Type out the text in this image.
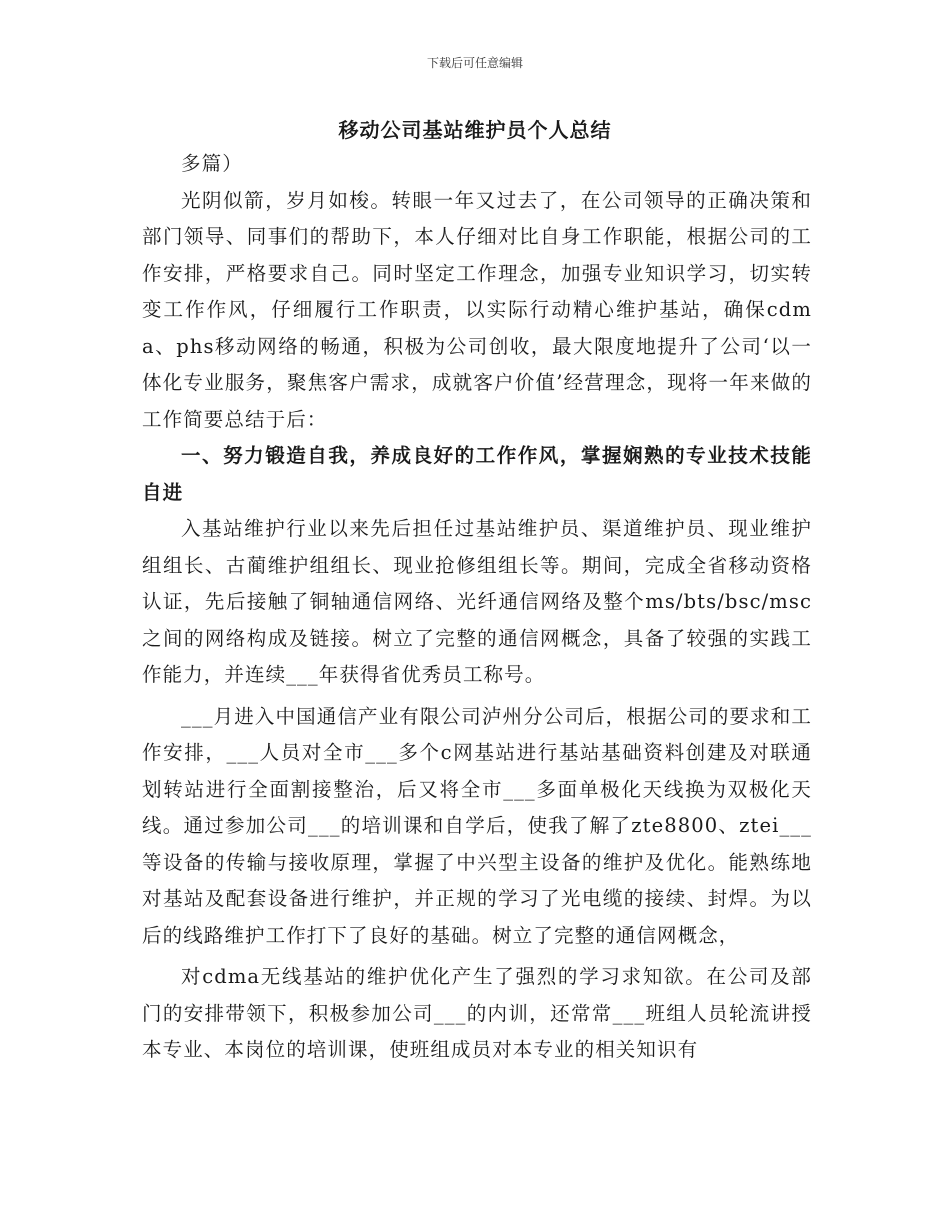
下载后可任意编辑
移动公司基站维护员个人总结

多篇）

光阴似箭，岁月如梭。转眼一年又过去了，在公司领导的正确决策和部门领导、同事们的帮助下，本人仔细对比自身工作职能，根据公司的工作安排，严格要求自己。同时坚定工作理念，加强专业知识学习，切实转变工作作风，仔细履行工作职责，以实际行动精心维护基站，确保cdma、phs移动网络的畅通，积极为公司创收，最大限度地提升了公司‘以一体化专业服务，聚焦客户需求，成就客户价值’经营理念，现将一年来做的工作简要总结于后：

一、努力锻造自我，养成良好的工作作风，掌握娴熟的专业技术技能自进

入基站维护行业以来先后担任过基站维护员、渠道维护员、现业维护组组长、古蔺维护组组长、现业抢修组组长等。期间，完成全省移动资格认证，先后接触了铜轴通信网络、光纤通信网络及整个ms/bts/bsc/msc之间的网络构成及链接。树立了完整的通信网概念，具备了较强的实践工作能力，并连续___年获得省优秀员工称号。

___月进入中国通信产业有限公司泸州分公司后，根据公司的要求和工作安排，___人员对全市___多个c网基站进行基站基础资料创建及对联通划转站进行全面割接整治，后又将全市___多面单极化天线换为双极化天线。通过参加公司___的培训课和自学后，使我了解了zte8800、ztei___等设备的传输与接收原理，掌握了中兴型主设备的维护及优化。能熟练地对基站及配套设备进行维护，并正规的学习了光电缆的接续、封焊。为以后的线路维护工作打下了良好的基础。树立了完整的通信网概念，

对cdma无线基站的维护优化产生了强烈的学习求知欲。在公司及部门的安排带领下，积极参加公司___的内训，还常常___班组人员轮流讲授本专业、本岗位的培训课，使班组成员对本专业的相关知识有
